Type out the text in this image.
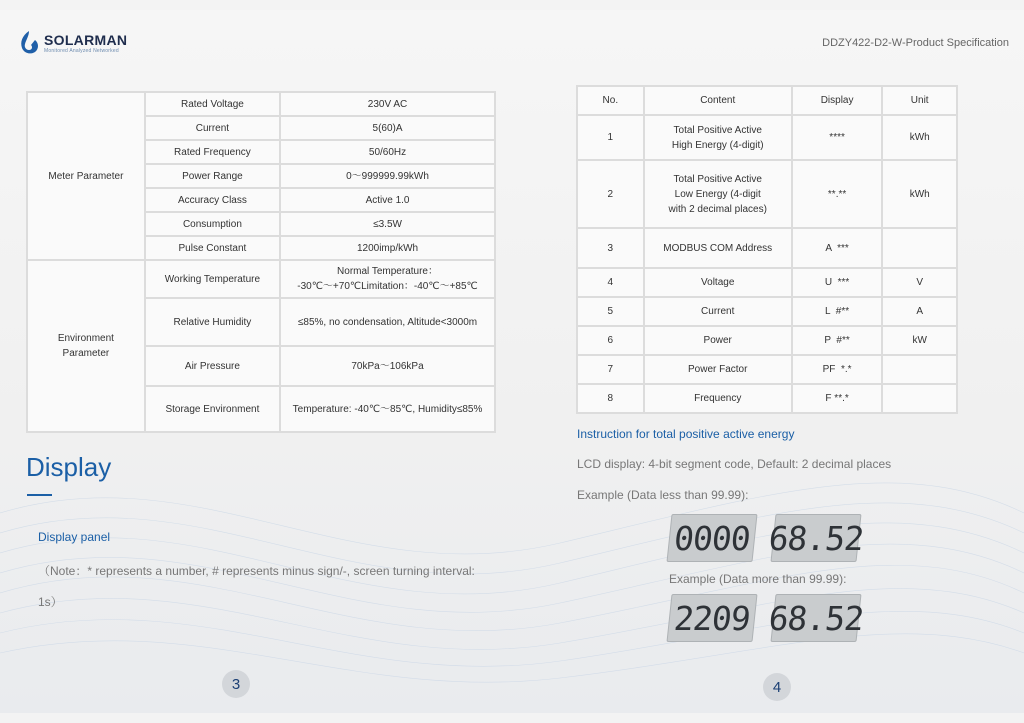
SOLARMAN
Monitored Analyzed Networked
DDZY422-D2-W-Product Specification
Meter Parameter	Rated Voltage	230V AC
	Current	5(60)A
	Rated Frequency	50/60Hz
	Power Range	0～999999.99kWh
	Accuracy Class	Active 1.0
	Consumption	≤3.5W
	Pulse Constant	1200imp/kWh
Environment Parameter	Working Temperature	Normal Temperature：
-30℃～+70℃Limitation：-40℃～+85℃
	Relative Humidity	≤85%, no condensation, Altitude<3000m
	Air Pressure	70kPa～106kPa
	Storage Environment	Temperature: -40℃～85℃, Humidity≤85%
Display
Display panel
（Note：* represents a number, # represents minus sign/-, screen turning interval: 1s）
No.	Content	Display	Unit
1	Total Positive Active
High Energy (4-digit)	****	kWh
2	Total Positive Active
Low Energy (4-digit
with 2 decimal places)	**.**	kWh
3	MODBUS COM Address	A  ***	
4	Voltage	U  ***	V
5	Current	L  #**	A
6	Power	P  #**	kW
7	Power Factor	PF  *.*	
8	Frequency	F **.*	
Instruction for total positive active energy
LCD display: 4-bit segment code, Default: 2 decimal places
Example (Data less than 99.99):
0000 68.52
Example (Data more than 99.99):
2209 68.52
3	4
